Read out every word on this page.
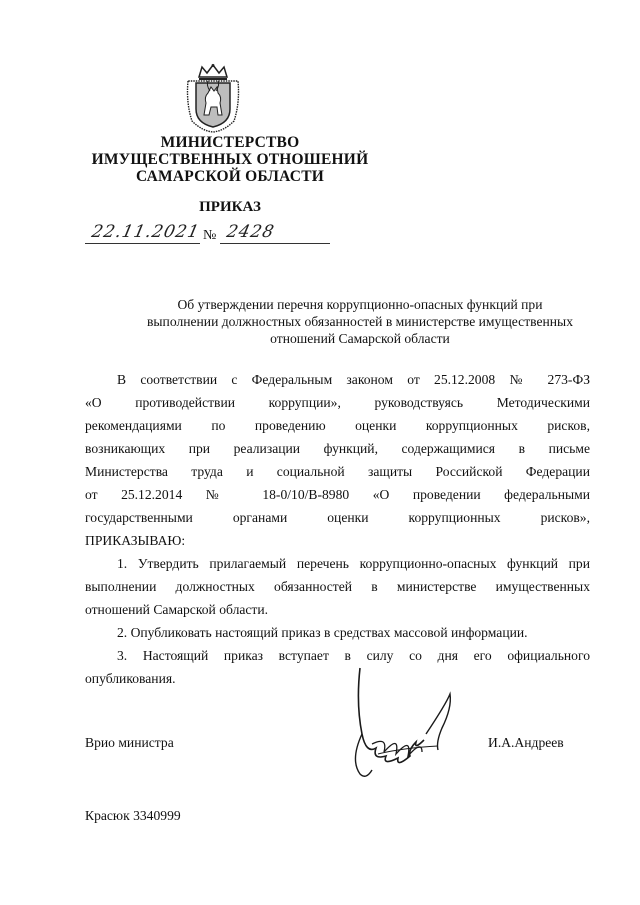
МИНИСТЕРСТВО
ИМУЩЕСТВЕННЫХ ОТНОШЕНИЙ
САМАРСКОЙ ОБЛАСТИ
ПРИКАЗ
22.11.2021 № 2428
Об утверждении перечня коррупционно-опасных функций при
выполнении должностных обязанностей в министерстве имущественных
отношений Самарской области
В соответствии с Федеральным законом от 25.12.2008 № 273-ФЗ
«О противодействии коррупции», руководствуясь Методическими
рекомендациями по проведению оценки коррупционных рисков,
возникающих при реализации функций, содержащимися в письме
Министерства труда и социальной защиты Российской Федерации
от 25.12.2014 № 18-0/10/В-8980 «О проведении федеральными
государственными органами оценки коррупционных рисков»,
ПРИКАЗЫВАЮ:
1. Утвердить прилагаемый перечень коррупционно-опасных функций при
выполнении должностных обязанностей в министерстве имущественных
отношений Самарской области.
2. Опубликовать настоящий приказ в средствах массовой информации.
3. Настоящий приказ вступает в силу со дня его официального
опубликования.
Врио министра	И.А.Андреев
Красюк 3340999
